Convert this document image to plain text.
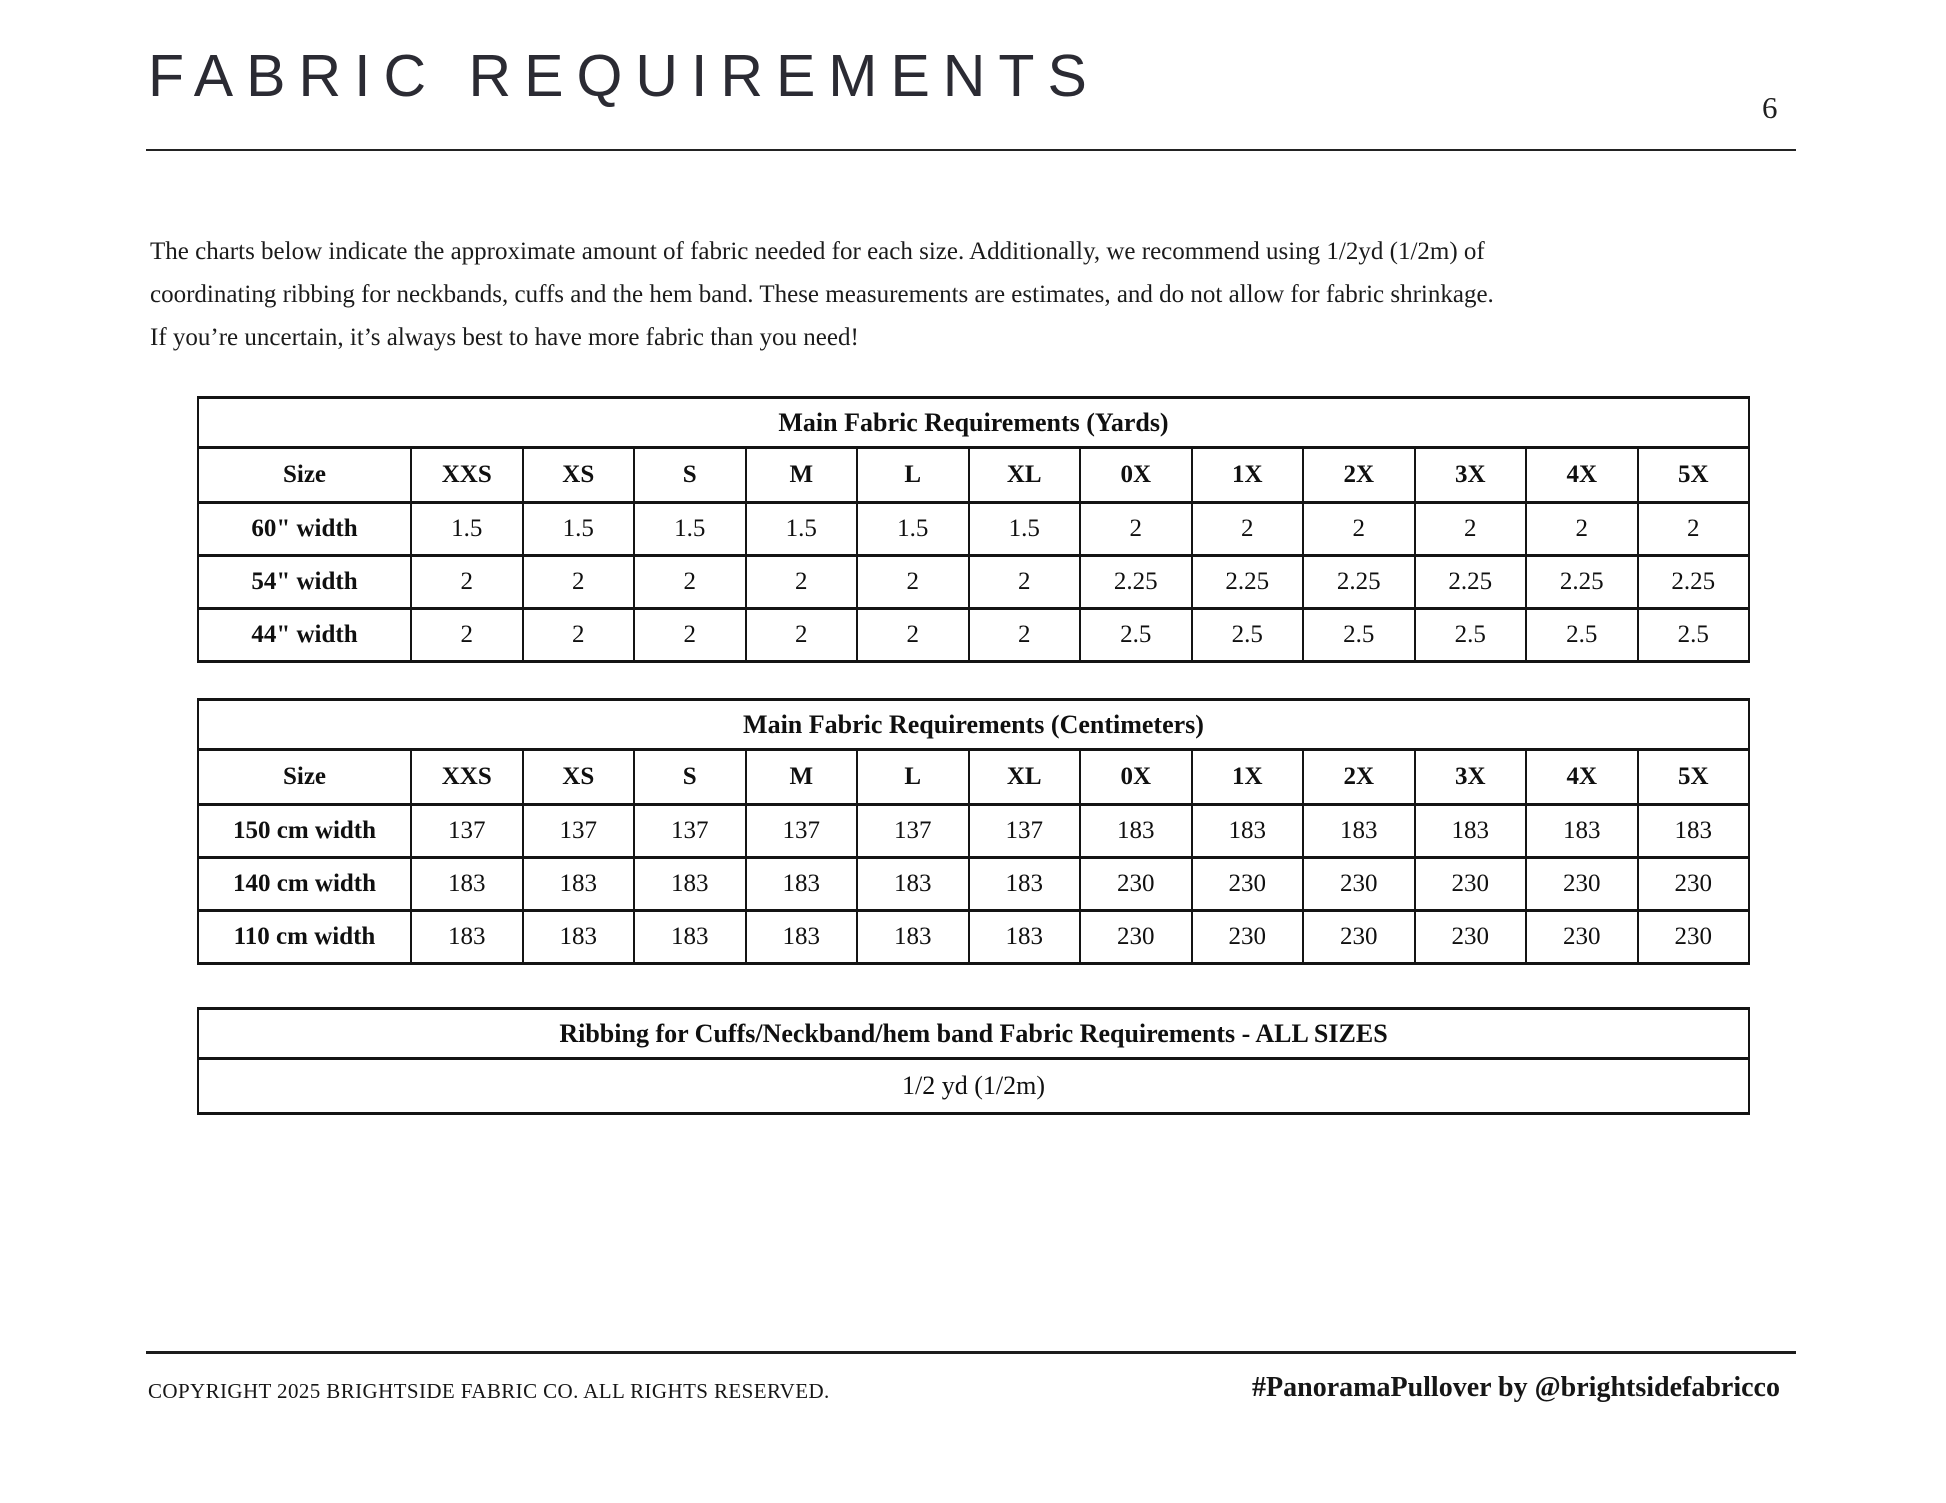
FABRIC REQUIREMENTS	6
The charts below indicate the approximate amount of fabric needed for each size. Additionally, we recommend using 1/2yd (1/2m) of
coordinating ribbing for neckbands, cuffs and the hem band. These measurements are estimates, and do not allow for fabric shrinkage.
If you’re uncertain, it’s always best to have more fabric than you need!
Main Fabric Requirements (Yards)												
Size	XXS	XS	S	M	L	XL	0X	1X	2X	3X	4X	5X
60" width	1.5	1.5	1.5	1.5	1.5	1.5	2	2	2	2	2	2
54" width	2	2	2	2	2	2	2.25	2.25	2.25	2.25	2.25	2.25
44" width	2	2	2	2	2	2	2.5	2.5	2.5	2.5	2.5	2.5
Main Fabric Requirements (Centimeters)												
Size	XXS	XS	S	M	L	XL	0X	1X	2X	3X	4X	5X
150 cm width	137	137	137	137	137	137	183	183	183	183	183	183
140 cm width	183	183	183	183	183	183	230	230	230	230	230	230
110 cm width	183	183	183	183	183	183	230	230	230	230	230	230
@brightsidefabricco
Ribbing for Cuffs/Neckband/hem band Fabric Requirements - ALL SIZES
1/2 yd (1/2m)
COPYRIGHT 2025 BRIGHTSIDE FABRIC CO. ALL RIGHTS RESERVED.	#PanoramaPullover by @brightsidefabricco
